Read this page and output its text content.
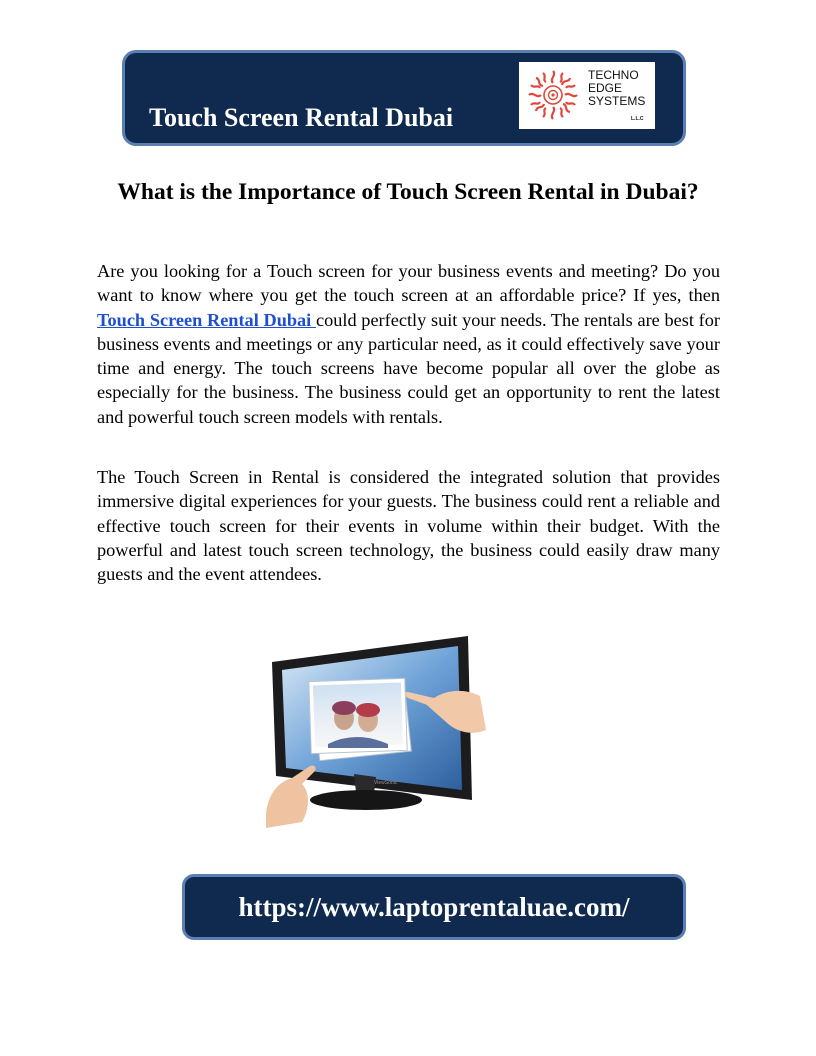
Touch Screen Rental Dubai
TECHNO
EDGE
SYSTEMS
L.L.C
What is the Importance of Touch Screen Rental in Dubai?

Are you looking for a Touch screen for your business events and meeting? Do you want to know where you get the touch screen at an affordable price? If yes, then Touch Screen Rental Dubai could perfectly suit your needs. The rentals are best for business events and meetings or any particular need, as it could effectively save your time and energy. The touch screens have become popular all over the globe as especially for the business. The business could get an opportunity to rent the latest and powerful touch screen models with rentals.

The Touch Screen in Rental is considered the integrated solution that provides immersive digital experiences for your guests. The business could rent a reliable and effective touch screen for their events in volume within their budget. With the powerful and latest touch screen technology, the business could easily draw many guests and the event attendees.

ViewSonic
https://www.laptoprentaluae.com/
